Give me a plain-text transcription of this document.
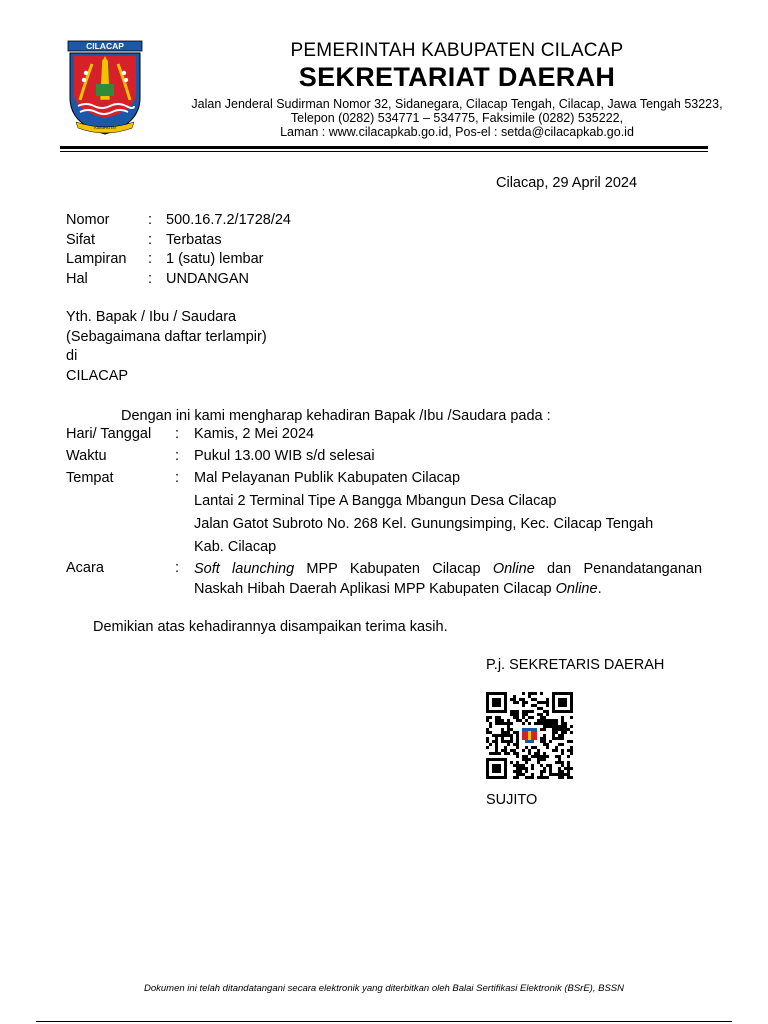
CILACAP
KABUPATEN
PEMERINTAH KABUPATEN CILACAP
SEKRETARIAT DAERAH
Jalan Jenderal Sudirman Nomor 32, Sidanegara, Cilacap Tengah, Cilacap, Jawa Tengah 53223,
Telepon (0282) 534771 – 534775, Faksimile (0282) 535222,
Laman : www.cilacapkab.go.id, Pos-el : setda@cilacapkab.go.id
Cilacap, 29 April 2024
Nomor	: 500.16.7.2/1728/24
Sifat	: Terbatas
Lampiran : 1 (satu) lembar
Hal	: UNDANGAN
Yth. Bapak / Ibu / Saudara
(Sebagaimana daftar terlampir)
di
CILACAP
Dengan ini kami mengharap kehadiran Bapak /Ibu /Saudara pada :
Hari/ Tanggal : Kamis, 2 Mei 2024
Waktu	: Pukul 13.00 WIB s/d selesai
Tempat	: Mal Pelayanan Publik Kabupaten Cilacap
Lantai 2 Terminal Tipe A Bangga Mbangun Desa Cilacap
Jalan Gatot Subroto No. 268 Kel. Gunungsimping, Kec. Cilacap Tengah
Kab. Cilacap
Acara	: Soft launching MPP Kabupaten Cilacap Online dan Penandatanganan
Naskah Hibah Daerah Aplikasi MPP Kabupaten Cilacap Online.
Demikian atas kehadirannya disampaikan terima kasih.
P.j. SEKRETARIS DAERAH
SUJITO
Dokumen ini telah ditandatangani secara elektronik yang diterbitkan oleh Balai Sertifikasi Elektronik (BSrE), BSSN
